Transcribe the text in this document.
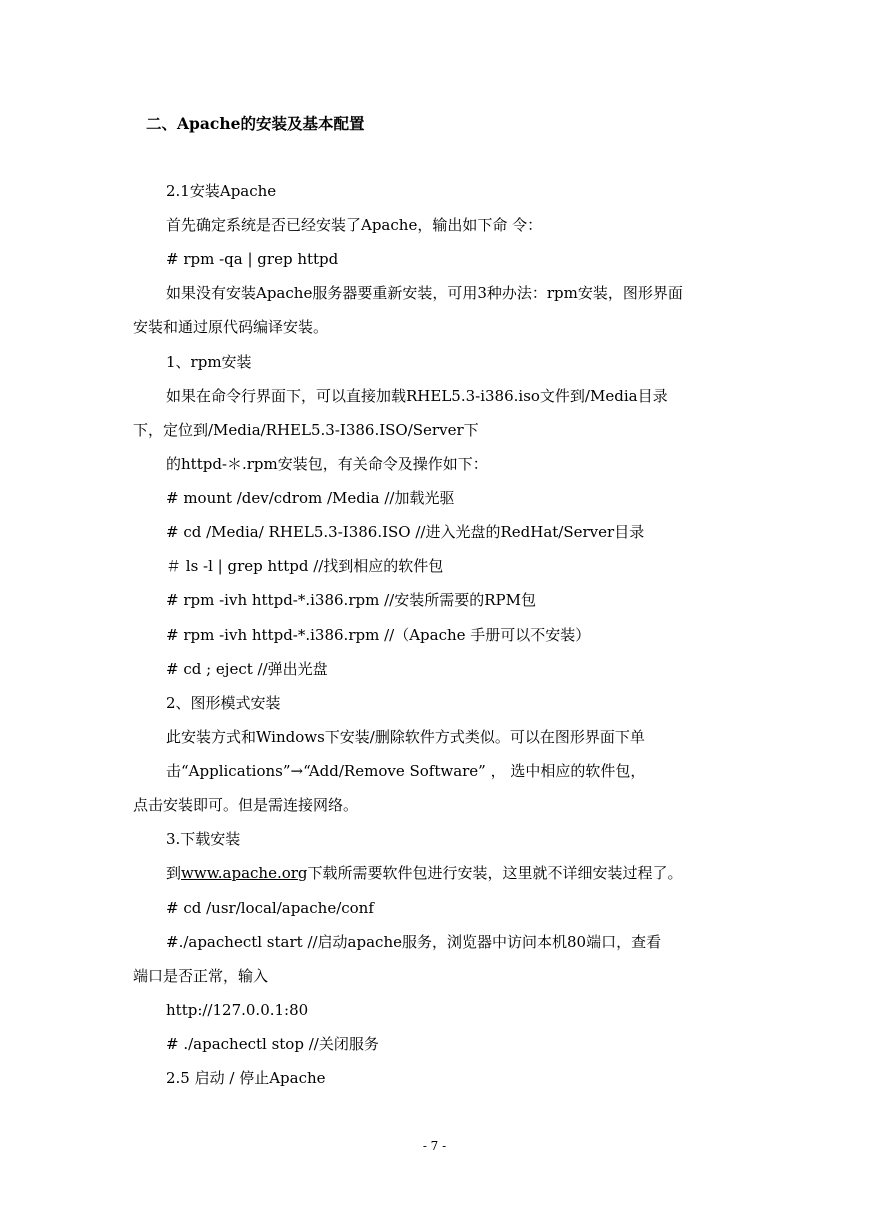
二、Apache的安装及基本配置
2.1安装Apache
首先确定系统是否已经安装了Apache，输出如下命 令：
# rpm -qa | grep httpd
如果没有安装Apache服务器要重新安装，可用3种办法：rpm安装，图形界面
安装和通过原代码编译安装。
1、rpm安装
如果在命令行界面下，可以直接加载RHEL5.3-i386.iso文件到/Media目录
下，定位到/Media/RHEL5.3-I386.ISO/Server下
的httpd-＊.rpm安装包，有关命令及操作如下：
# mount /dev/cdrom /Media //加载光驱
# cd /Media/ RHEL5.3-I386.ISO //进入光盘的RedHat/Server目录
＃ ls -l | grep httpd //找到相应的软件包
# rpm -ivh httpd-*.i386.rpm //安装所需要的RPM包
# rpm -ivh httpd-*.i386.rpm //（Apache 手册可以不安装）
# cd ; eject //弹出光盘
2、图形模式安装
此安装方式和Windows下安装/删除软件方式类似。可以在图形界面下单
击“Applications”→“Add/Remove Software” ， 选中相应的软件包，
点击安装即可。但是需连接网络。
3.下载安装
到www.apache.org下载所需要软件包进行安装，这里就不详细安装过程了。
# cd /usr/local/apache/conf
#./apachectl start //启动apache服务，浏览器中访问本机80端口，查看
端口是否正常，输入
http://127.0.0.1:80
# ./apachectl stop //关闭服务
2.5 启动 / 停止Apache
- 7 -
